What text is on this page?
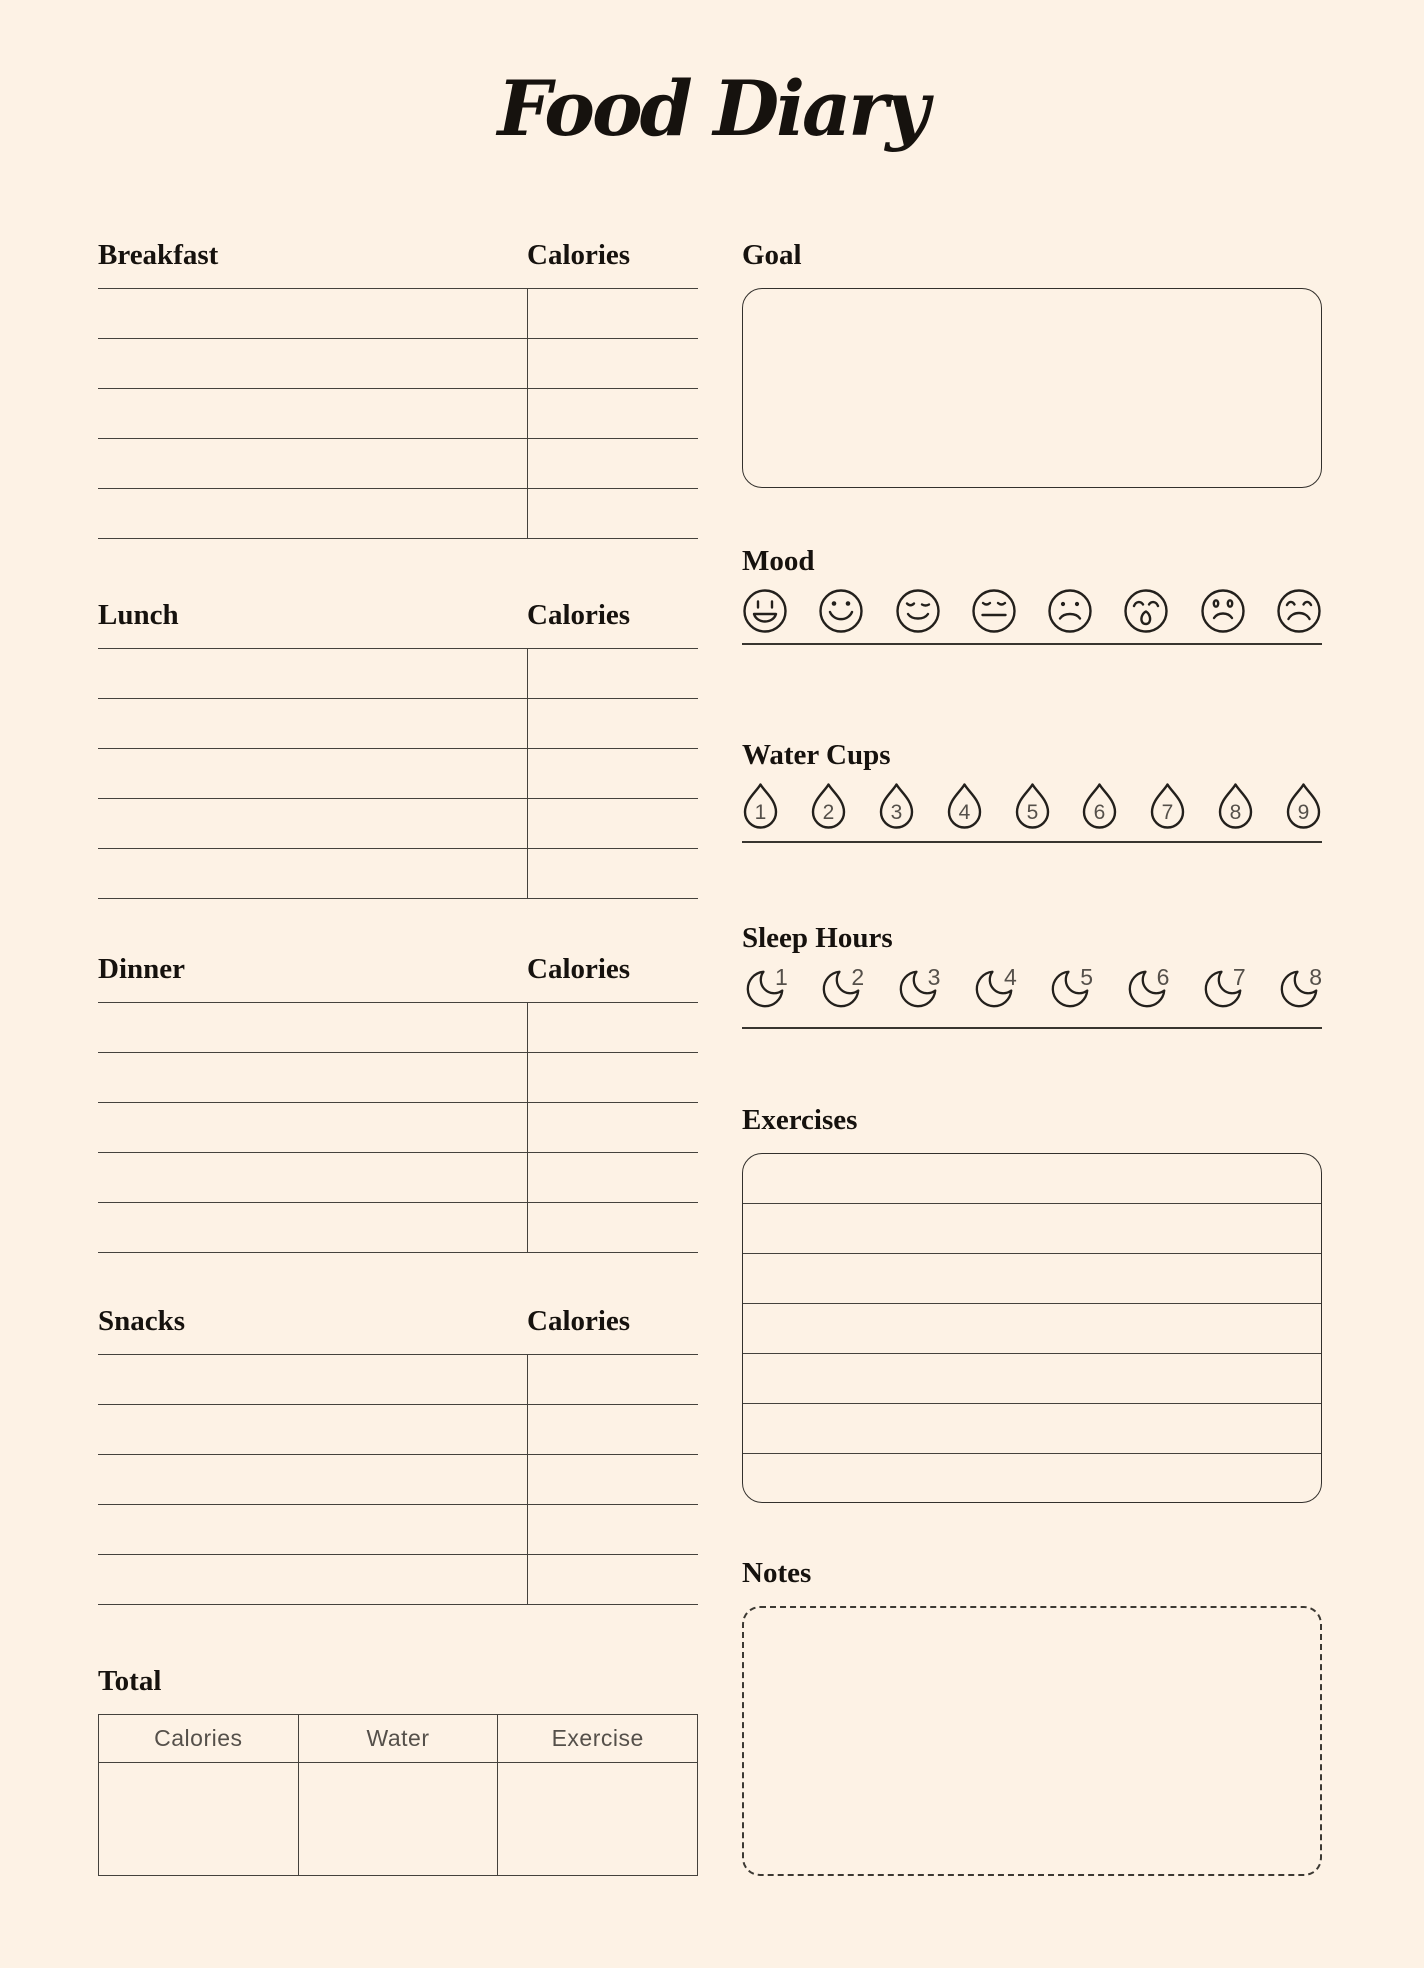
Food Diary
Breakfast	Calories
Lunch	Calories
Dinner	Calories
Snacks	Calories
Total
Calories	Water	Exercise
Goal
Mood
Water Cups
1	2	3	4	5	6	7	8	9
Sleep Hours
1	2	3	4	5	6	7	8
Exercises
Notes
